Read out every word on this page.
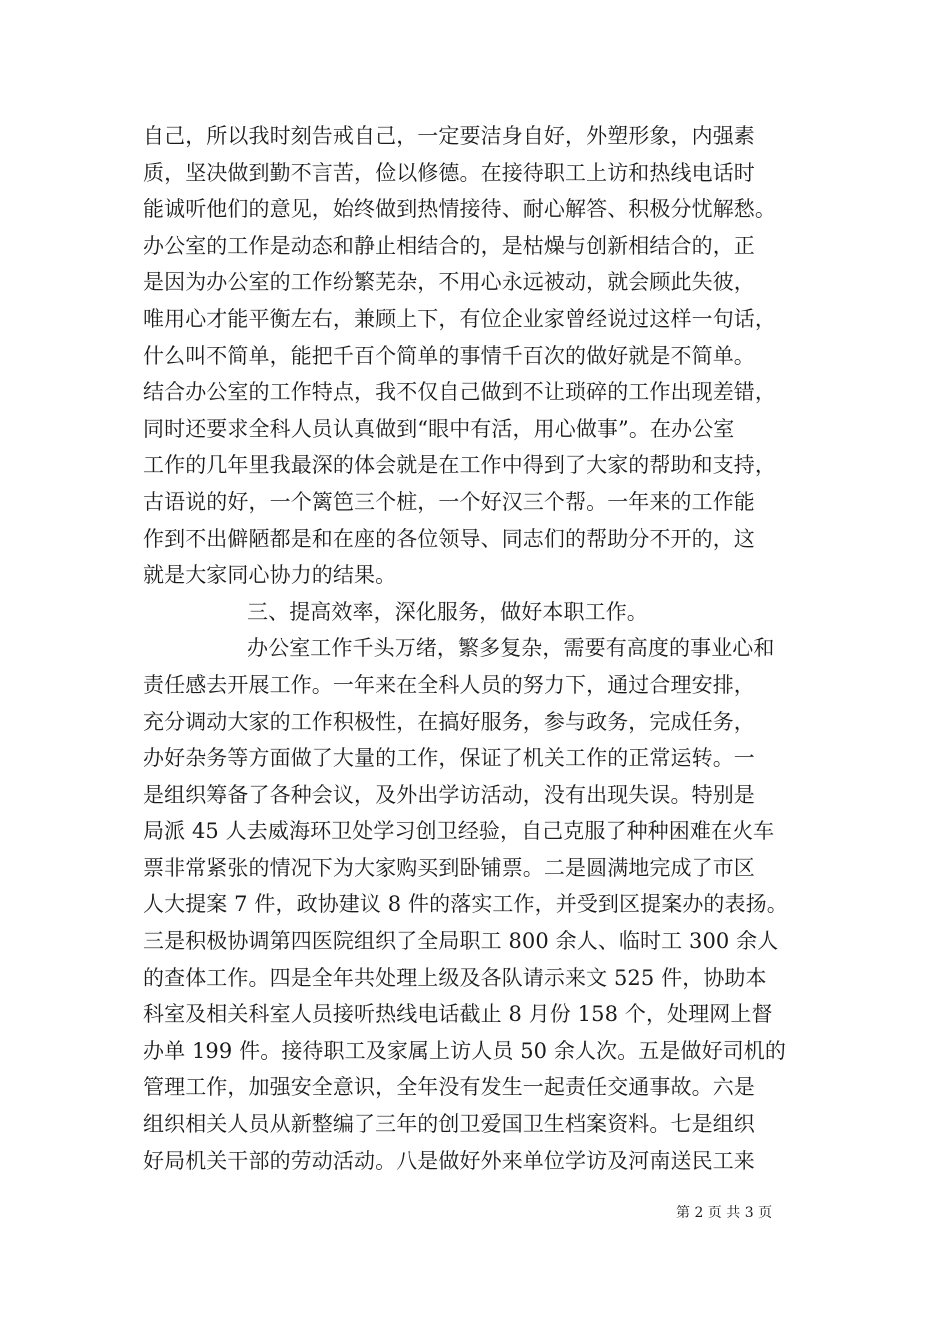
自己，所以我时刻告戒自己，一定要洁身自好，外塑形象，内强素
质，坚决做到勤不言苦，俭以修德。在接待职工上访和热线电话时
能诚听他们的意见，始终做到热情接待、耐心解答、积极分忧解愁。
办公室的工作是动态和静止相结合的，是枯燥与创新相结合的，正
是因为办公室的工作纷繁芜杂，不用心永远被动，就会顾此失彼，
唯用心才能平衡左右，兼顾上下，有位企业家曾经说过这样一句话，
什么叫不简单，能把千百个简单的事情千百次的做好就是不简单。
结合办公室的工作特点，我不仅自己做到不让琐碎的工作出现差错，
同时还要求全科人员认真做到“眼中有活，用心做事”。在办公室
工作的几年里我最深的体会就是在工作中得到了大家的帮助和支持，
古语说的好，一个篱笆三个桩，一个好汉三个帮。一年来的工作能
作到不出僻陋都是和在座的各位领导、同志们的帮助分不开的，这
就是大家同心协力的结果。
三、提高效率，深化服务，做好本职工作。
办公室工作千头万绪，繁多复杂，需要有高度的事业心和
责任感去开展工作。一年来在全科人员的努力下，通过合理安排，
充分调动大家的工作积极性，在搞好服务，参与政务，完成任务，
办好杂务等方面做了大量的工作，保证了机关工作的正常运转。一
是组织筹备了各种会议，及外出学访活动，没有出现失误。特别是
局派 45 人去威海环卫处学习创卫经验，自己克服了种种困难在火车
票非常紧张的情况下为大家购买到卧铺票。二是圆满地完成了市区
人大提案 7 件，政协建议 8 件的落实工作，并受到区提案办的表扬。
三是积极协调第四医院组织了全局职工 800 余人、临时工 300 余人
的查体工作。四是全年共处理上级及各队请示来文 525 件，协助本
科室及相关科室人员接听热线电话截止 8 月份 158 个，处理网上督
办单 199 件。接待职工及家属上访人员 50 余人次。五是做好司机的
管理工作，加强安全意识，全年没有发生一起责任交通事故。六是
组织相关人员从新整编了三年的创卫爱国卫生档案资料。七是组织
好局机关干部的劳动活动。八是做好外来单位学访及河南送民工来
第 2 页 共 3 页
